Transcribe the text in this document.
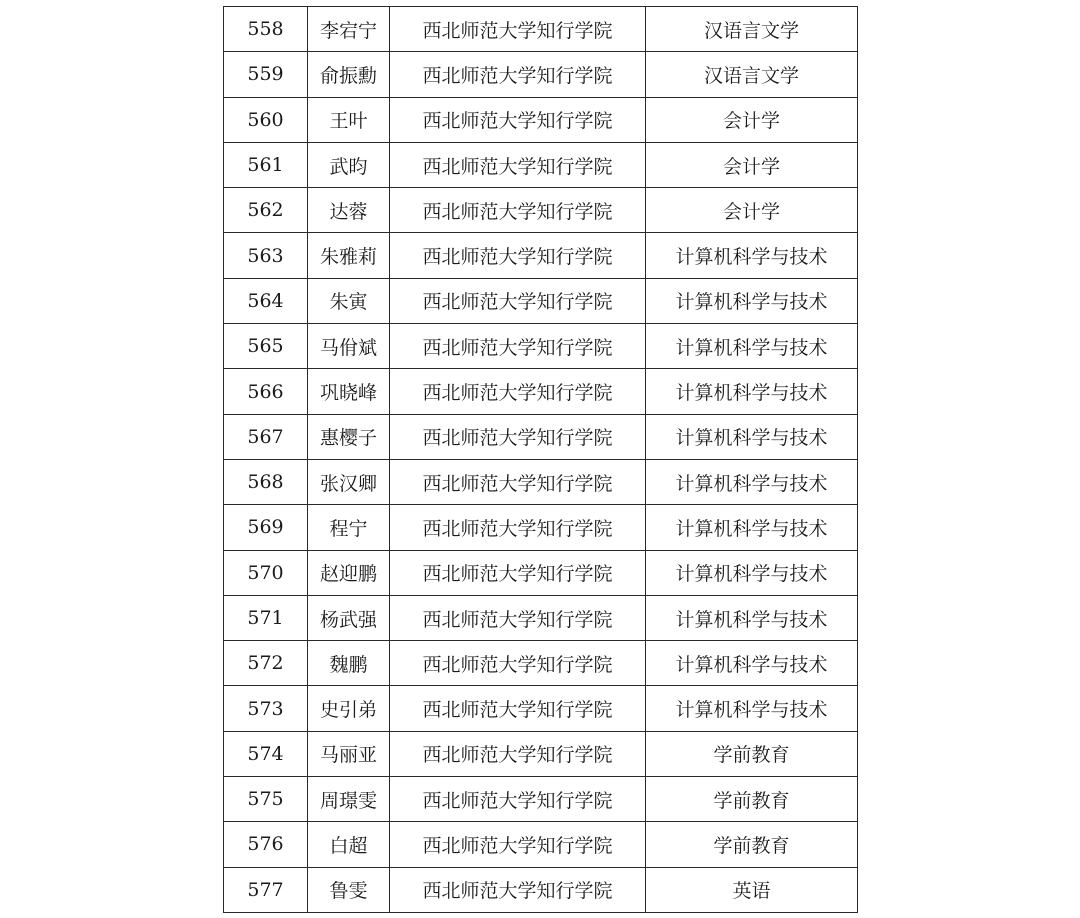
558	李宕宁	西北师范大学知行学院	汉语言文学
559	俞振勳	西北师范大学知行学院	汉语言文学
560	王叶	西北师范大学知行学院	会计学
561	武昀	西北师范大学知行学院	会计学
562	达蓉	西北师范大学知行学院	会计学
563	朱雅莉	西北师范大学知行学院	计算机科学与技术
564	朱寅	西北师范大学知行学院	计算机科学与技术
565	马佾斌	西北师范大学知行学院	计算机科学与技术
566	巩晓峰	西北师范大学知行学院	计算机科学与技术
567	惠樱子	西北师范大学知行学院	计算机科学与技术
568	张汉卿	西北师范大学知行学院	计算机科学与技术
569	程宁	西北师范大学知行学院	计算机科学与技术
570	赵迎鹏	西北师范大学知行学院	计算机科学与技术
571	杨武强	西北师范大学知行学院	计算机科学与技术
572	魏鹏	西北师范大学知行学院	计算机科学与技术
573	史引弟	西北师范大学知行学院	计算机科学与技术
574	马丽亚	西北师范大学知行学院	学前教育
575	周璟雯	西北师范大学知行学院	学前教育
576	白超	西北师范大学知行学院	学前教育
577	鲁雯	西北师范大学知行学院	英语
